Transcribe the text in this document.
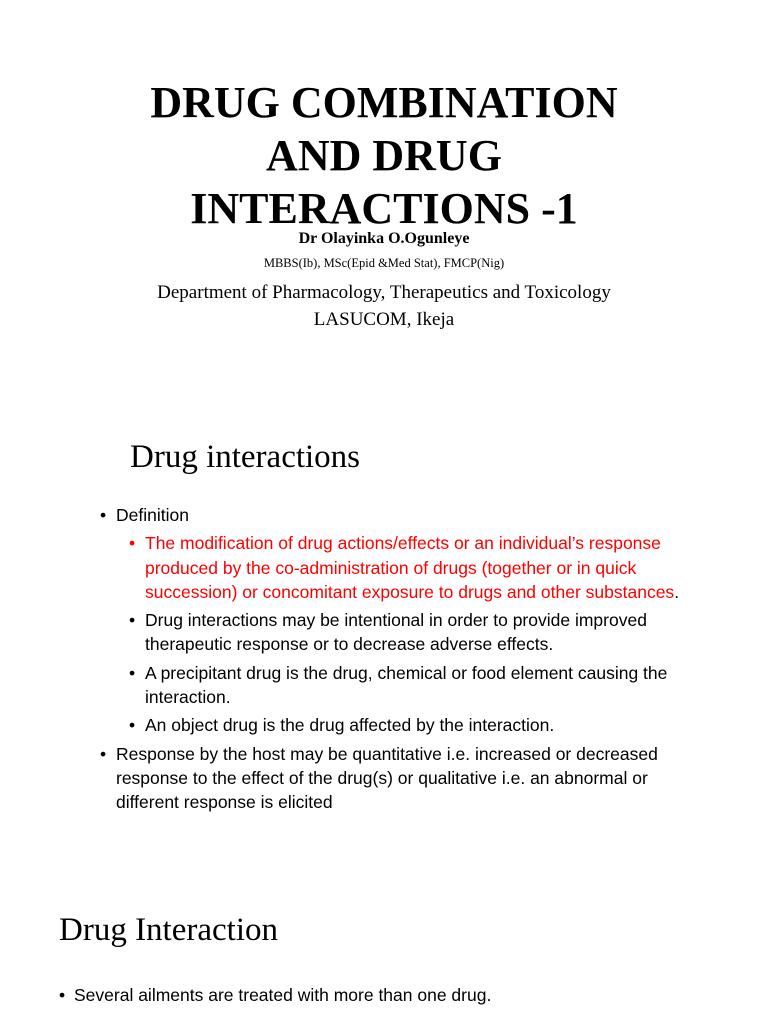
DRUG COMBINATION
AND DRUG
INTERACTIONS -1
Dr Olayinka O.Ogunleye
MBBS(Ib), MSc(Epid &Med Stat), FMCP(Nig)
Department of Pharmacology, Therapeutics and Toxicology
LASUCOM, Ikeja
Drug interactions

• Definition

• The modification of drug actions/effects or an individual’s response produced by the co-administration of drugs (together or in quick succession) or concomitant exposure to drugs and other substances.

• Drug interactions may be intentional in order to provide improved therapeutic response or to decrease adverse effects.

• A precipitant drug is the drug, chemical or food element causing the interaction.

• An object drug is the drug affected by the interaction.

• Response by the host may be quantitative i.e. increased or decreased response to the effect of the drug(s) or qualitative i.e. an abnormal or different response is elicited

Drug Interaction

• Several ailments are treated with more than one drug.
